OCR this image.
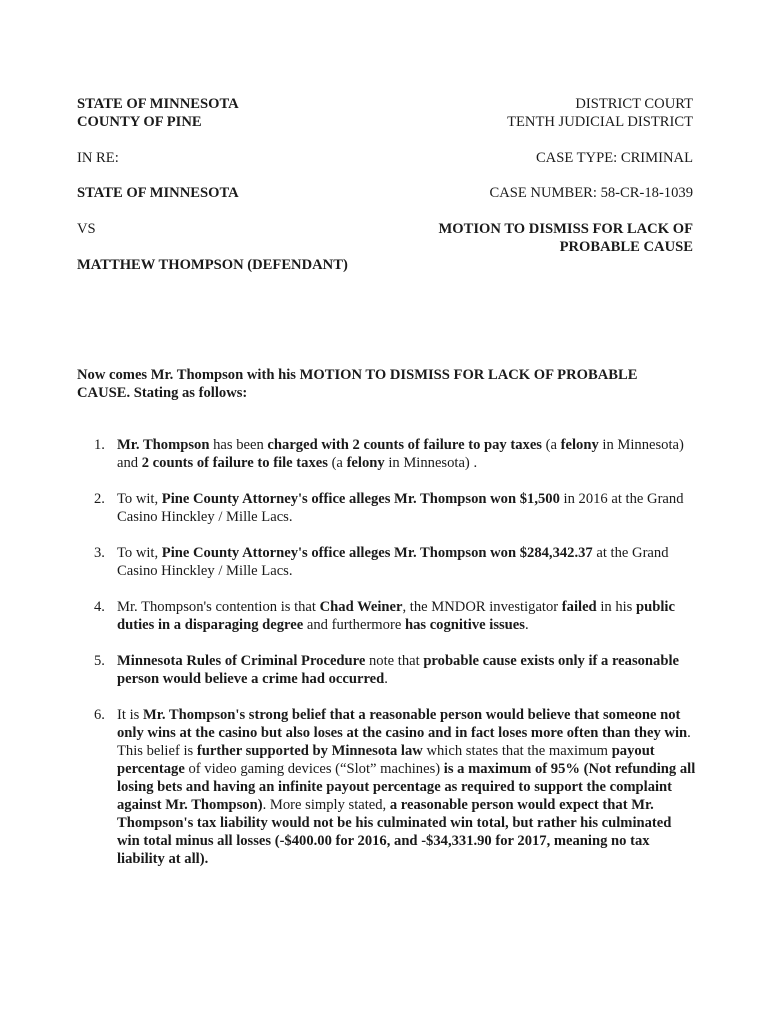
STATE OF MINNESOTA	DISTRICT COURT
COUNTY OF PINE	TENTH JUDICIAL DISTRICT
IN RE:	CASE TYPE: CRIMINAL
STATE OF MINNESOTA	CASE NUMBER: 58-CR-18-1039
VS	MOTION TO DISMISS FOR LACK OF
PROBABLE CAUSE
MATTHEW THOMPSON (DEFENDANT)
Now comes Mr. Thompson with his MOTION TO DISMISS FOR LACK OF PROBABLE CAUSE. Stating as follows:
1. Mr. Thompson has been charged with 2 counts of failure to pay taxes (a felony in Minnesota) and 2 counts of failure to file taxes (a felony in Minnesota) .
2. To wit, Pine County Attorney's office alleges Mr. Thompson won $1,500 in 2016 at the Grand Casino Hinckley / Mille Lacs.
3. To wit, Pine County Attorney's office alleges Mr. Thompson won $284,342.37 at the Grand Casino Hinckley / Mille Lacs.
4. Mr. Thompson's contention is that Chad Weiner, the MNDOR investigator failed in his public duties in a disparaging degree and furthermore has cognitive issues.
5. Minnesota Rules of Criminal Procedure note that probable cause exists only if a reasonable person would believe a crime had occurred.
6. It is Mr. Thompson's strong belief that a reasonable person would believe that someone not only wins at the casino but also loses at the casino and in fact loses more often than they win. This belief is further supported by Minnesota law which states that the maximum payout percentage of video gaming devices (“Slot” machines) is a maximum of 95% (Not refunding all losing bets and having an infinite payout percentage as required to support the complaint against Mr. Thompson). More simply stated, a reasonable person would expect that Mr. Thompson's tax liability would not be his culminated win total, but rather his culminated win total minus all losses (-$400.00 for 2016, and -$34,331.90 for 2017, meaning no tax liability at all).
